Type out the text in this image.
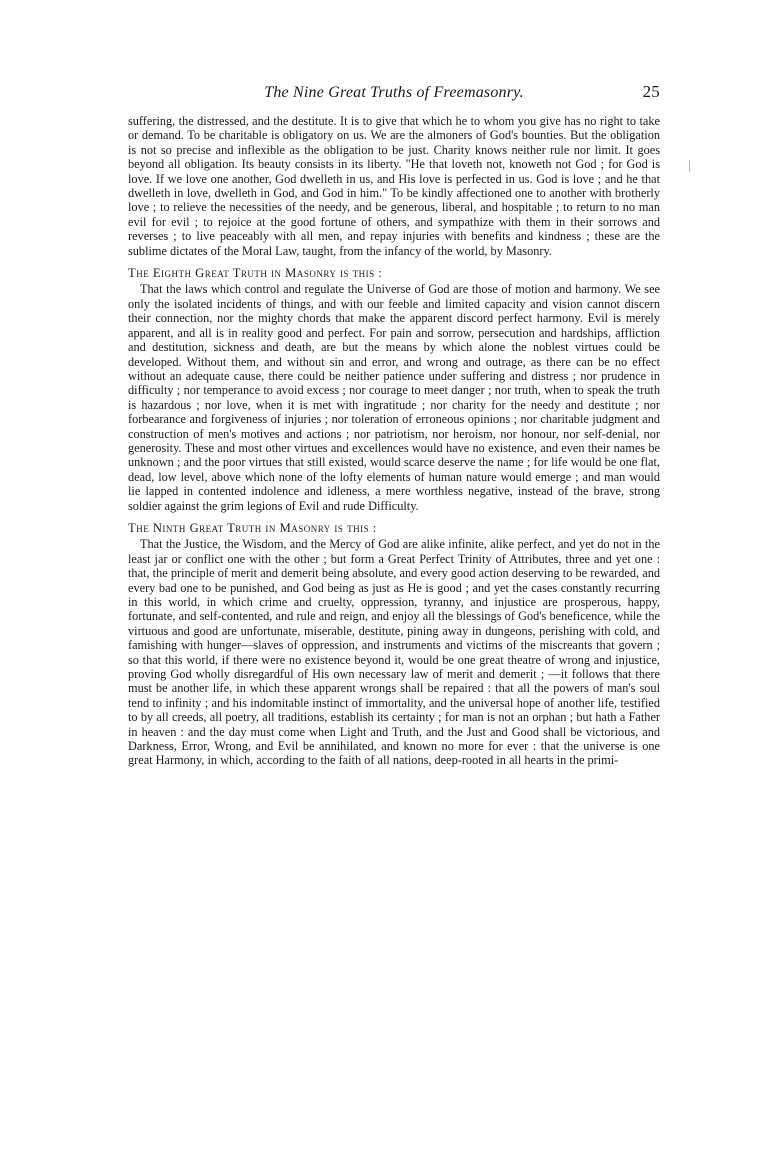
The Nine Great Truths of Freemasonry.	25

suffering, the distressed, and the destitute. It is to give that which he to whom you give has no right to take or demand. To be charitable is obligatory on us. We are the almoners of God's bounties. But the obligation is not so precise and inflexible as the obligation to be just. Charity knows neither rule nor limit. It goes beyond all obligation. Its beauty consists in its liberty. "He that loveth not, knoweth not God ; for God is love. If we love one another, God dwelleth in us, and His love is perfected in us. God is love ; and he that dwelleth in love, dwelleth in God, and God in him." To be kindly affectioned one to another with brotherly love ; to relieve the necessities of the needy, and be generous, liberal, and hospitable ; to return to no man evil for evil ; to rejoice at the good fortune of others, and sympathize with them in their sorrows and reverses ; to live peaceably with all men, and repay injuries with benefits and kindness ; these are the sublime dictates of the Moral Law, taught, from the infancy of the world, by Masonry.

The Eighth Great Truth in Masonry is this :

That the laws which control and regulate the Universe of God are those of motion and harmony. We see only the isolated incidents of things, and with our feeble and limited capacity and vision cannot discern their connection, nor the mighty chords that make the apparent discord perfect harmony. Evil is merely apparent, and all is in reality good and perfect. For pain and sorrow, persecution and hardships, affliction and destitution, sickness and death, are but the means by which alone the noblest virtues could be developed. Without them, and without sin and error, and wrong and outrage, as there can be no effect without an adequate cause, there could be neither patience under suffering and distress ; nor prudence in difficulty ; nor temperance to avoid excess ; nor courage to meet danger ; nor truth, when to speak the truth is hazardous ; nor love, when it is met with ingratitude ; nor charity for the needy and destitute ; nor forbearance and forgiveness of injuries ; nor toleration of erroneous opinions ; nor charitable judgment and construction of men's motives and actions ; nor patriotism, nor heroism, nor honour, nor self-denial, nor generosity. These and most other virtues and excellences would have no existence, and even their names be unknown ; and the poor virtues that still existed, would scarce deserve the name ; for life would be one flat, dead, low level, above which none of the lofty elements of human nature would emerge ; and man would lie lapped in contented indolence and idleness, a mere worthless negative, instead of the brave, strong soldier against the grim legions of Evil and rude Difficulty.

The Ninth Great Truth in Masonry is this :

That the Justice, the Wisdom, and the Mercy of God are alike infinite, alike perfect, and yet do not in the least jar or conflict one with the other ; but form a Great Perfect Trinity of Attributes, three and yet one : that, the principle of merit and demerit being absolute, and every good action deserving to be rewarded, and every bad one to be punished, and God being as just as He is good ; and yet the cases constantly recurring in this world, in which crime and cruelty, oppression, tyranny, and injustice are prosperous, happy, fortunate, and self-contented, and rule and reign, and enjoy all the blessings of God's beneficence, while the virtuous and good are unfortunate, miserable, destitute, pining away in dungeons, perishing with cold, and famishing with hunger—slaves of oppression, and instruments and victims of the miscreants that govern ; so that this world, if there were no existence beyond it, would be one great theatre of wrong and injustice, proving God wholly disregardful of His own necessary law of merit and demerit ; —it follows that there must be another life, in which these apparent wrongs shall be repaired : that all the powers of man's soul tend to infinity ; and his indomitable instinct of immortality, and the universal hope of another life, testified to by all creeds, all poetry, all traditions, establish its certainty ; for man is not an orphan ; but hath a Father in heaven : and the day must come when Light and Truth, and the Just and Good shall be victorious, and Darkness, Error, Wrong, and Evil be annihilated, and known no more for ever : that the universe is one great Harmony, in which, according to the faith of all nations, deep-rooted in all hearts in the primi-
